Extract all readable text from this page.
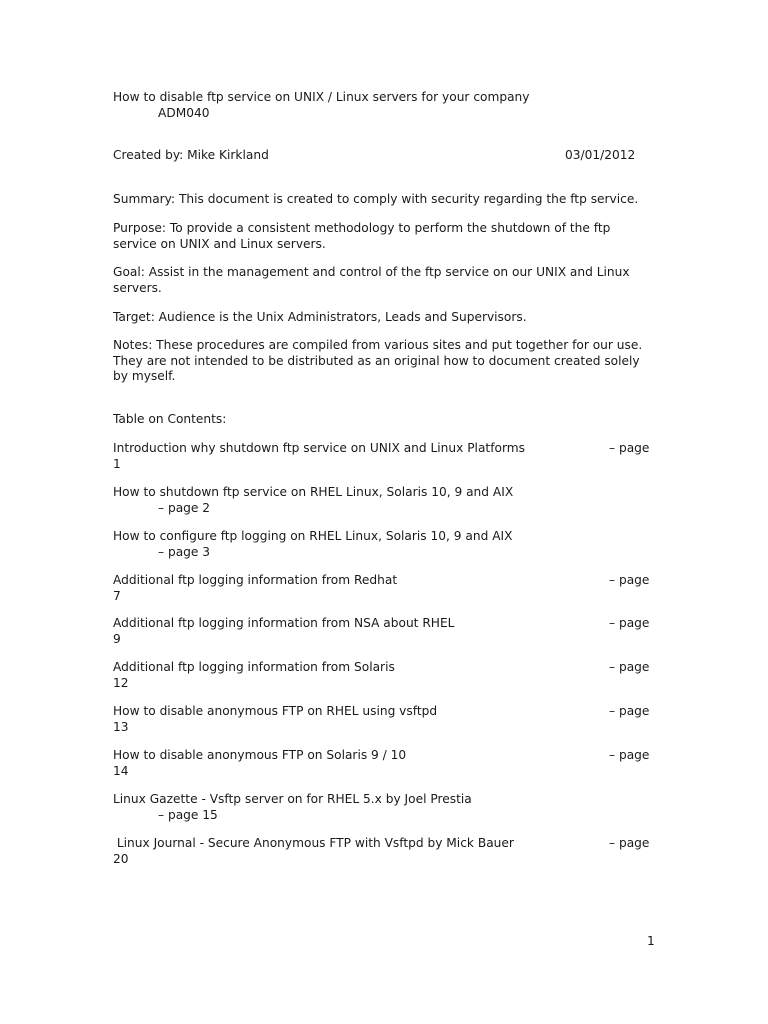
How to disable ftp service on UNIX / Linux servers for your company
ADM040
Created by: Mike Kirkland	03/01/2012
Summary: This document is created to comply with security regarding the ftp service.
Purpose: To provide a consistent methodology to perform the shutdown of the ftp
service on UNIX and Linux servers.
Goal: Assist in the management and control of the ftp service on our UNIX and Linux
servers.
Target: Audience is the Unix Administrators, Leads and Supervisors.
Notes: These procedures are compiled from various sites and put together for our use.
They are not intended to be distributed as an original how to document created solely
by myself.
Table on Contents:
Introduction why shutdown ftp service on UNIX and Linux Platforms	– page
1
How to shutdown ftp service on RHEL Linux, Solaris 10, 9 and AIX
– page 2
How to configure ftp logging on RHEL Linux, Solaris 10, 9 and AIX
– page 3
Additional ftp logging information from Redhat	– page
7
Additional ftp logging information from NSA about RHEL	– page
9
Additional ftp logging information from Solaris	– page
12
How to disable anonymous FTP on RHEL using vsftpd	– page
13
How to disable anonymous FTP on Solaris 9 / 10	– page
14
Linux Gazette - Vsftp server on for RHEL 5.x by Joel Prestia
– page 15
Linux Journal - Secure Anonymous FTP with Vsftpd by Mick Bauer	– page
20
1
